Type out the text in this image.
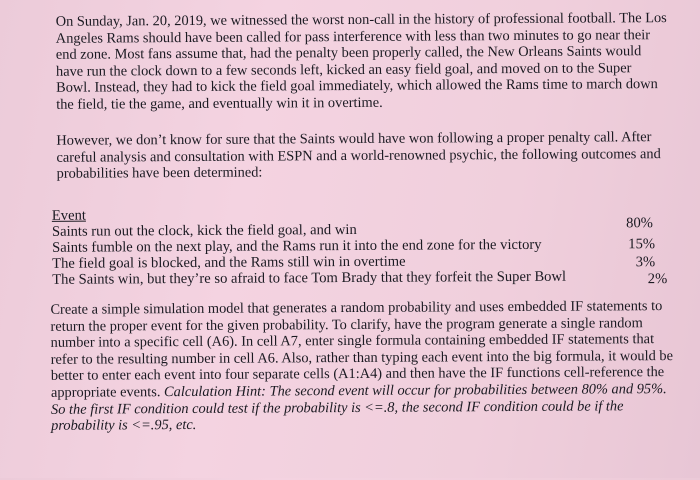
On Sunday, Jan. 20, 2019, we witnessed the worst non-call in the history of professional football. The Los Angeles Rams should have been called for pass interference with less than two minutes to go near their end zone. Most fans assume that, had the penalty been properly called, the New Orleans Saints would have run the clock down to a few seconds left, kicked an easy field goal, and moved on to the Super Bowl. Instead, they had to kick the field goal immediately, which allowed the Rams time to march down the field, tie the game, and eventually win it in overtime.

However, we don’t know for sure that the Saints would have won following a proper penalty call. After careful analysis and consultation with ESPN and a world-renowned psychic, the following outcomes and probabilities have been determined:

Event
Saints run out the clock, kick the field goal, and win	80%
Saints fumble on the next play, and the Rams run it into the end zone for the victory	15%
The field goal is blocked, and the Rams still win in overtime	3%
The Saints win, but they’re so afraid to face Tom Brady that they forfeit the Super Bowl	2%

Create a simple simulation model that generates a random probability and uses embedded IF statements to return the proper event for the given probability. To clarify, have the program generate a single random number into a specific cell (A6). In cell A7, enter single formula containing embedded IF statements that refer to the resulting number in cell A6. Also, rather than typing each event into the big formula, it would be better to enter each event into four separate cells (A1:A4) and then have the IF functions cell-reference the appropriate events. Calculation Hint: The second event will occur for probabilities between 80% and 95%. So the first IF condition could test if the probability is <=.8, the second IF condition could be if the probability is <=.95, etc.
